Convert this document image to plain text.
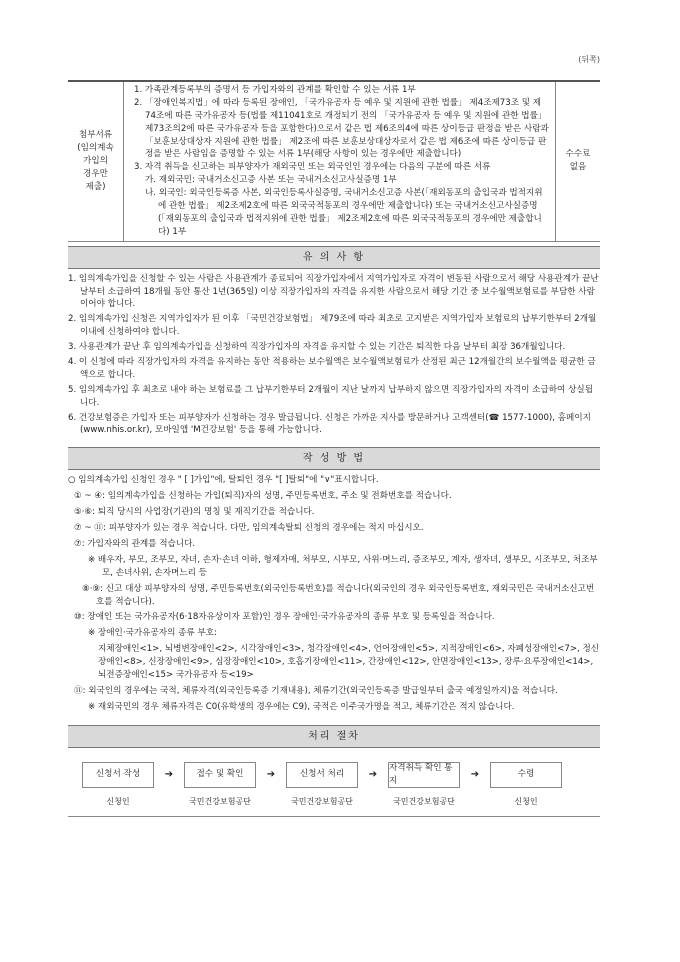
(뒤쪽)
첨부서류
(임의계속
가입의
경우만
제출)
1. 가족관계등록부의 증명서 등 가입자와의 관계를 확인할 수 있는 서류 1부
2. 「장애인복지법」에 따라 등록된 장애인, 「국가유공자 등 예우 및 지원에 관한 법률」 제4조제73조 및 제74조에 따른 국가유공자 등(법률 제11041호로 개정되기 전의 「국가유공자 등 예우 및 지원에 관한 법률」 제73조의2에 따른 국가유공자 등을 포함한다)으로서 같은 법 제6조의4에 따른 상이등급 판정을 받은 사람과 「보훈보상대상자 지원에 관한 법률」 제2조에 따른 보훈보상대상자로서 같은 법 제6조에 따른 상이등급 판정을 받은 사람임을 증명할 수 있는 서류 1부(해당 사항이 있는 경우에만 제출합니다)
3. 자격 취득을 신고하는 피부양자가 재외국민 또는 외국인인 경우에는 다음의 구분에 따른 서류
가. 재외국민: 국내거소신고증 사본 또는 국내거소신고사실증명 1부
나. 외국인: 외국인등록증 사본, 외국인등록사실증명, 국내거소신고증 사본(「재외동포의 출입국과 법적지위에 관한 법률」 제2조제2호에 따른 외국국적동포의 경우에만 제출합니다) 또는 국내거소신고사실증명(「재외동포의 출입국과 법적지위에 관한 법률」 제2조제2호에 따른 외국국적동포의 경우에만 제출합니다) 1부
수수료
없음
유 의 사 항
1. 임의계속가입을 신청할 수 있는 사람은 사용관계가 종료되어 직장가입자에서 지역가입자로 자격이 변동된 사람으로서 해당 사용관계가 끝난 날부터 소급하여 18개월 동안 통산 1년(365일) 이상 직장가입자의 자격을 유지한 사람으로서 해당 기간 중 보수월액보험료를 부담한 사람이어야 합니다.
2. 임의계속가입 신청은 지역가입자가 된 이후 「국민건강보험법」 제79조에 따라 최초로 고지받은 지역가입자 보험료의 납부기한부터 2개월 이내에 신청하여야 합니다.
3. 사용관계가 끝난 후 임의계속가입을 신청하여 직장가입자의 자격을 유지할 수 있는 기간은 퇴직한 다음 날부터 최장 36개월입니다.
4. 이 신청에 따라 직장가입자의 자격을 유지하는 동안 적용하는 보수월액은 보수월액보험료가 산정된 최근 12개월간의 보수월액을 평균한 금액으로 합니다.
5. 임의계속가입 후 최초로 내야 하는 보험료를 그 납부기한부터 2개월이 지난 날까지 납부하지 않으면 직장가입자의 자격이 소급하여 상실됩니다.
6. 건강보험증은 가입자 또는 피부양자가 신청하는 경우 발급됩니다. 신청은 가까운 지사를 방문하거나 고객센터(☎ 1577-1000), 홈페이지(www.nhis.or.kr), 모바일앱 'M건강보험' 등을 통해 가능합니다.
작 성 방 법
○ 임의계속가입 신청인 경우 " [ ]가입"에, 탈퇴인 경우 "[ ]탈퇴"에 "∨"표시합니다.
① ~ ④: 임의계속가입을 신청하는 가입(퇴직)자의 성명, 주민등록번호, 주소 및 전화번호를 적습니다.
⑤·⑥: 퇴직 당시의 사업장(기관)의 명칭 및 재직기간을 적습니다.
⑦ ~ ⑪: 피부양자가 있는 경우 적습니다. 다만, 임의계속탈퇴 신청의 경우에는 적지 마십시오.
⑦: 가입자와의 관계를 적습니다.
※ 배우자, 부모, 조부모, 자녀, 손자·손녀 이하, 형제자매, 처부모, 시부모, 사위·며느리, 증조부모, 계자, 생자녀, 생부모, 시조부모, 처조부모, 손녀사위, 손자며느리 등
⑧·⑨: 신고 대상 피부양자의 성명, 주민등록번호(외국인등록번호)를 적습니다(외국인의 경우 외국인등록번호, 재외국민은 국내거소신고번호를 적습니다).
⑩: 장애인 또는 국가유공자(6·18자유상이자 포함)인 경우 장애인·국가유공자의 종류 부호 및 등록일을 적습니다.
※ 장애인·국가유공자의 종류 부호:
지체장애인<1>, 뇌병변장애인<2>, 시각장애인<3>, 청각장애인<4>, 언어장애인<5>, 지적장애인<6>, 자폐성장애인<7>, 정신장애인<8>, 신장장애인<9>, 심장장애인<10>, 호흡기장애인<11>, 간장애인<12>, 안면장애인<13>, 장루·요루장애인<14>, 뇌전증장애인<15> 국가유공자 등<19>
⑪: 외국인의 경우에는 국적, 체류자격(외국인등록증 기재내용), 체류기간(외국인등록증 발급일부터 출국 예정일까지)을 적습니다.
※ 재외국민의 경우 체류자격은 C0(유학생의 경우에는 C9), 국적은 이주국가명을 적고, 체류기간은 적지 않습니다.
처리 절차
신청서 작성	➔	접수 및 확인	➔	신청서 처리	➔
자격취득 확인 통지
➔	수령
신청인	국민건강보험공단	국민건강보험공단	국민건강보험공단	신청인
